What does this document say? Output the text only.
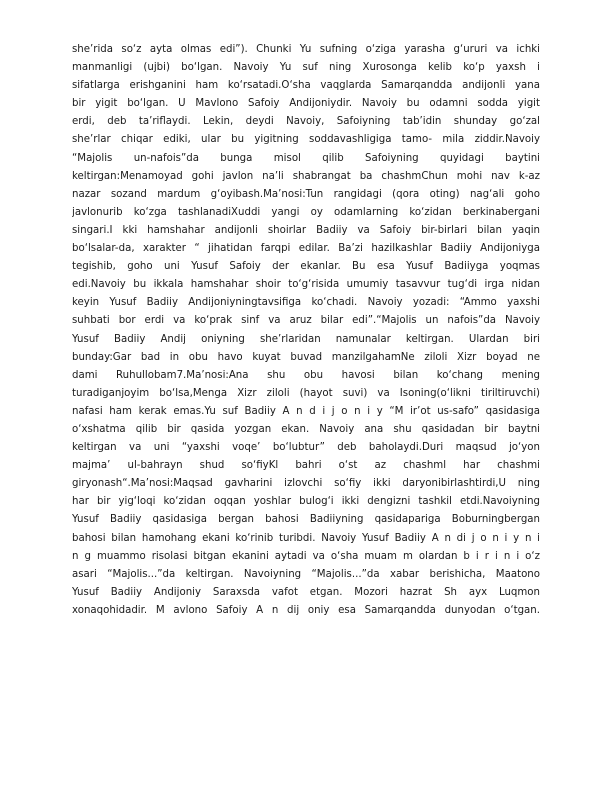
she’rida so‘z ayta olmas edi”). Chunki Yu sufning o‘ziga yarasha g‘ururi va ichki
manmanligi (ujbi) bo‘lgan. Navoiy Yu suf ning Xurosonga kelib ko‘p yaxsh i
sifatlarga erishganini ham ko‘rsatadi.O‘sha vaqglarda Samarqandda andijonli yana
bir yigit bo‘lgan. U Mavlono Safoiy Andijoniydir. Navoiy bu odamni sodda yigit
erdi, deb ta’riflaydi. Lekin, deydi Navoiy, Safoiyning tab’idin shunday go‘zal
she’rlar chiqar ediki, ular bu yigitning soddavashligiga tamo- mila ziddir.Navoiy
“Majolis un-nafois”da bunga misol qilib Safoiyning quyidagi baytini
keltirgan:Menamoyad gohi javlon na’li shabrangat ba chashmChun mohi nav k-az
nazar sozand mardum g‘oyibash.Ma’nosi:Tun rangidagi (qora oting) nag‘ali goho
javlonurib ko‘zga tashlanadiXuddi yangi oy odamlarning ko‘zidan berkinabergani
singari.I kki hamshahar andijonli shoirlar Badiiy va Safoiy bir-birlari bilan yaqin
bo‘lsalar-da, xarakter “ jihatidan farqpi edilar. Ba’zi hazilkashlar Badiiy Andijoniyga
tegishib, goho uni Yusuf Safoiy der ekanlar. Bu esa Yusuf Badiiyga yoqmas
edi.Navoiy bu ikkala hamshahar shoir to‘g‘risida umumiy tasavvur tug‘di irga nidan
keyin Yusuf Badiiy Andijoniyningtavsifiga ko‘chadi. Navoiy yozadi: “Ammo yaxshi
suhbati bor erdi va ko‘prak sinf va aruz bilar edi”.“Majolis un nafois”da Navoiy
Yusuf Badiiy Andij oniyning she’rlaridan namunalar keltirgan. Ulardan biri
bunday:Gar bad in obu havo kuyat buvad manzilgahamNe ziloli Xizr boyad ne
dami Ruhullobam7.Ma’nosi:Ana shu obu havosi bilan ko‘chang mening
turadiganjoyim bo‘lsa,Menga Xizr ziloli (hayot suvi) va Isoning(o‘likni tiriltiruvchi)
nafasi ham kerak emas.Yu suf Badiiy A n d i j o n i y “M ir’ot us-safo” qasidasiga
o‘xshatma qilib bir qasida yozgan ekan. Navoiy ana shu qasidadan bir baytni
keltirgan va uni “yaxshi voqe’ bo‘lubtur” deb baholaydi.Duri maqsud jo‘yon
majma’ ul-bahrayn shud so‘fiyKl bahri o‘st az chashml har chashmi
giryonash“.Ma’nosi:Maqsad gavharini izlovchi so‘fiy ikki daryonibirlashtirdi,U ning
har bir yig‘loqi ko‘zidan oqqan yoshlar bulog‘i ikki dengizni tashkil etdi.Navoiyning
Yusuf Badiiy qasidasiga bergan bahosi Badiiyning qasidapariga Boburningbergan
bahosi bilan hamohang ekani ko‘rinib turibdi. Navoiy Yusuf Badiiy A n di j o n i y n i
n g muammo risolasi bitgan ekanini aytadi va o‘sha muam m olardan b i r i n i o‘z
asari “Majolis...”da keltirgan. Navoiyning “Majolis...”da xabar berishicha, Maatono
Yusuf Badiiy Andijoniy Saraxsda vafot etgan. Mozori hazrat Sh ayx Luqmon
xonaqohidadir. M avlono Safoiy A n dij oniy esa Samarqandda dunyodan o‘tgan.
